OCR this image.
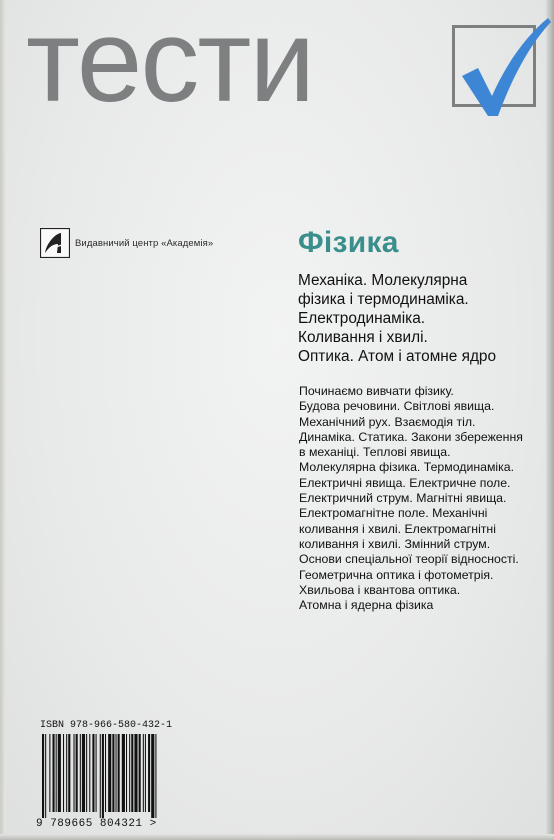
тести
Видавничий центр «Академія»	Фізика
Механіка. Молекулярна
фізика і термодинаміка.
Електродинаміка.
Коливання і хвилі.
Оптика. Атом і атомне ядро
Починаємо вивчати фізику.
Будова речовини. Світлові явища.
Механічний рух. Взаємодія тіл.
Динаміка. Статика. Закони збереження
в механіці. Теплові явища.
Молекулярна фізика. Термодинаміка.
Електричні явища. Електричне поле.
Електричний струм. Магнітні явища.
Електромагнітне поле. Механічні
коливання і хвилі. Електромагнітні
коливання і хвилі. Змінний струм.
Основи спеціальної теорії відносності.
Геометрична оптика і фотометрія.
Хвильова і квантова оптика.
Атомна і ядерна фізика
ISBN 978-966-580-432-1
9 789665 804321 >
